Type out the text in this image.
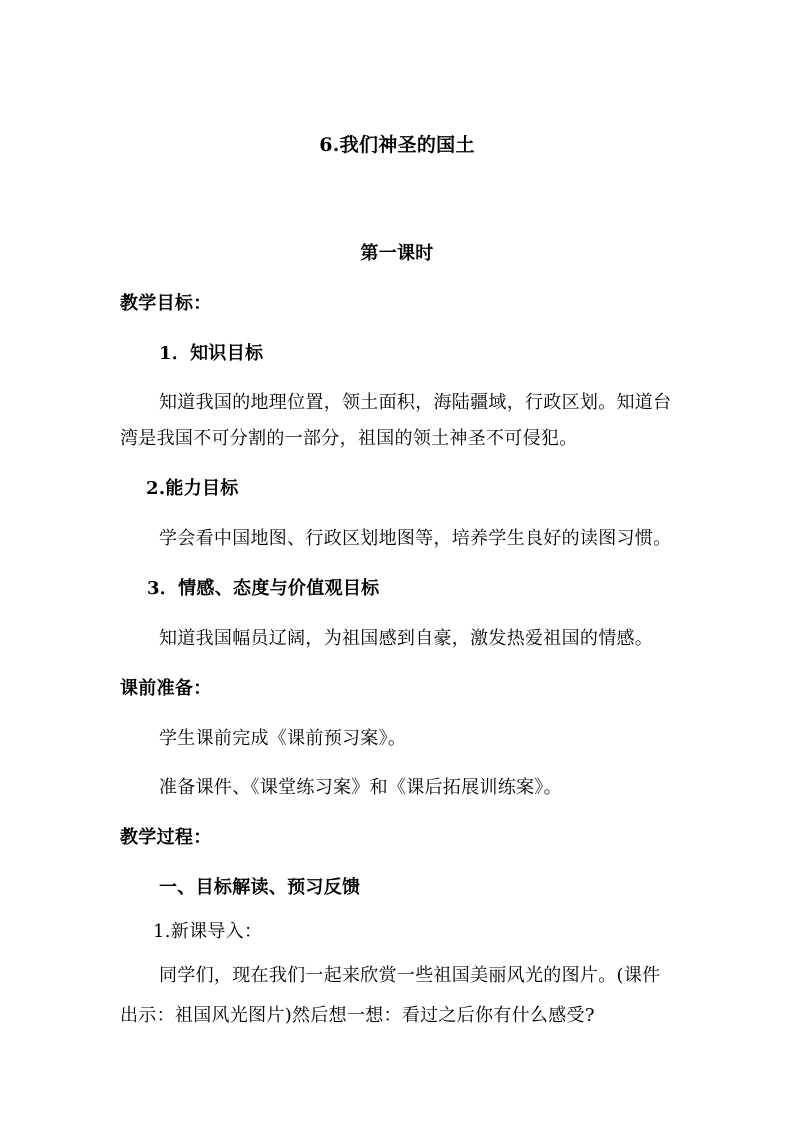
6.我们神圣的国土

第一课时

教学目标：

1．知识目标

知道我国的地理位置，领土面积，海陆疆域，行政区划。知道台

湾是我国不可分割的一部分，祖国的领土神圣不可侵犯。

2.能力目标

学会看中国地图、行政区划地图等，培养学生良好的读图习惯。

3．情感、态度与价值观目标

知道我国幅员辽阔，为祖国感到自豪，激发热爱祖国的情感。

课前准备：

学生课前完成《课前预习案》。

准备课件、《课堂练习案》和《课后拓展训练案》。

教学过程：

一、目标解读、预习反馈

1.新课导入：

同学们，现在我们一起来欣赏一些祖国美丽风光的图片。(课件

出示：祖国风光图片)然后想一想：看过之后你有什么感受?
